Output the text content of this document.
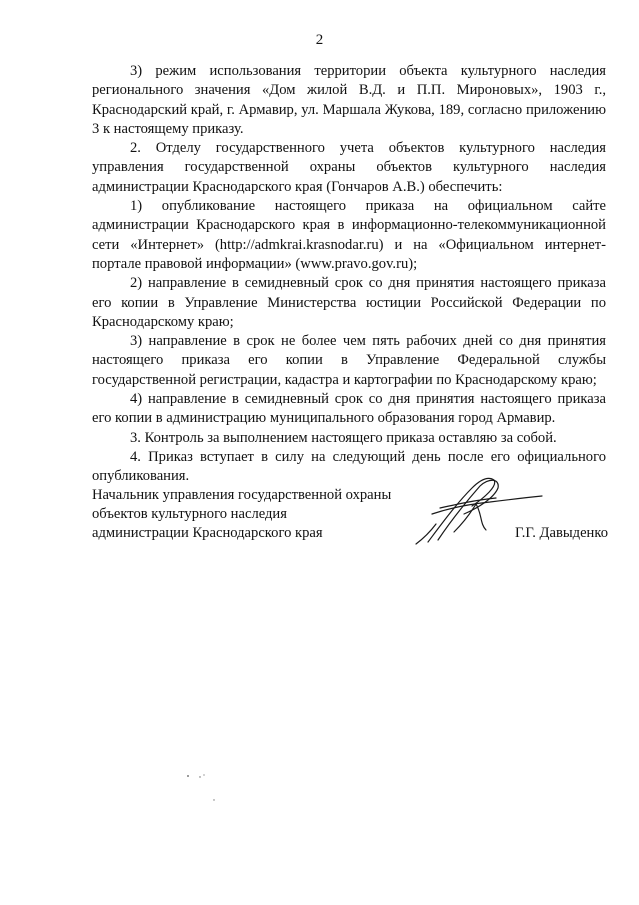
2

3) режим использования территории объекта культурного наследия регионального значения «Дом жилой В.Д. и П.П. Мироновых», 1903 г., Краснодарский край, г. Армавир, ул. Маршала Жукова, 189, согласно приложению 3 к настоящему приказу.

2. Отделу государственного учета объектов культурного наследия управления государственной охраны объектов культурного наследия администрации Краснодарского края (Гончаров А.В.) обеспечить:

1) опубликование настоящего приказа на официальном сайте администрации Краснодарского края в информационно-телекоммуникационной сети «Интернет» (http://admkrai.krasnodar.ru) и на «Официальном интернет-портале правовой информации» (www.pravo.gov.ru);

2) направление в семидневный срок со дня принятия настоящего приказа его копии в Управление Министерства юстиции Российской Федерации по Краснодарскому краю;

3) направление в срок не более чем пять рабочих дней со дня принятия настоящего приказа его копии в Управление Федеральной службы государственной регистрации, кадастра и картографии по Краснодарскому краю;

4) направление в семидневный срок со дня принятия настоящего приказа его копии в администрацию муниципального образования город Армавир.

3. Контроль за выполнением настоящего приказа оставляю за собой.

4. Приказ вступает в силу на следующий день после его официального опубликования.

Начальник управления государственной охраны
объектов культурного наследия
администрации Краснодарского края	Г.Г. Давыденко
